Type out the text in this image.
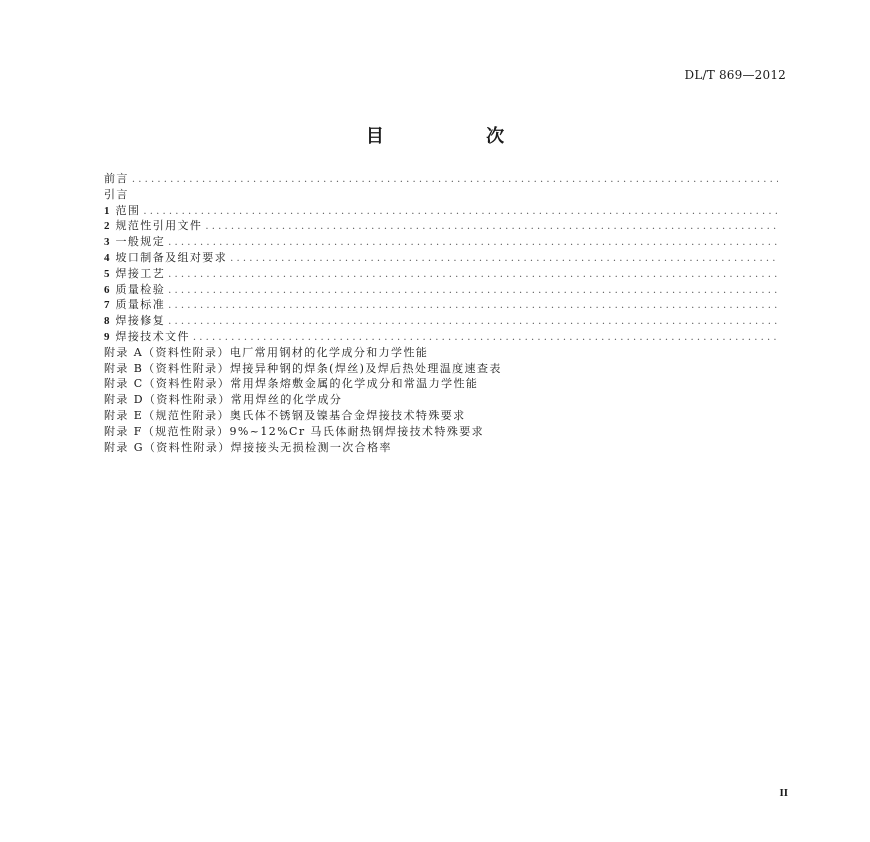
DL/T 869—2012
目 次
前言
.....
引言
1 范围
.....
2 规范性引用文件
.....
3 一般规定
.....
4 坡口制备及组对要求
.....
5 焊接工艺
.....
6 质量检验
.....
7 质量标准
.....
8 焊接修复
.....
9 焊接技术文件
.....
附录 A（资料性附录）电厂常用钢材的化学成分和力学性能
附录 B（资料性附录）焊接异种钢的焊条(焊丝)及焊后热处理温度速查表
附录 C（资料性附录）常用焊条熔敷金属的化学成分和常温力学性能
附录 D（资料性附录）常用焊丝的化学成分
附录 E（规范性附录）奥氏体不锈钢及镍基合金焊接技术特殊要求
附录 F（规范性附录）9%~12%Cr 马氏体耐热钢焊接技术特殊要求
附录 G（资料性附录）焊接接头无损检测一次合格率
II
